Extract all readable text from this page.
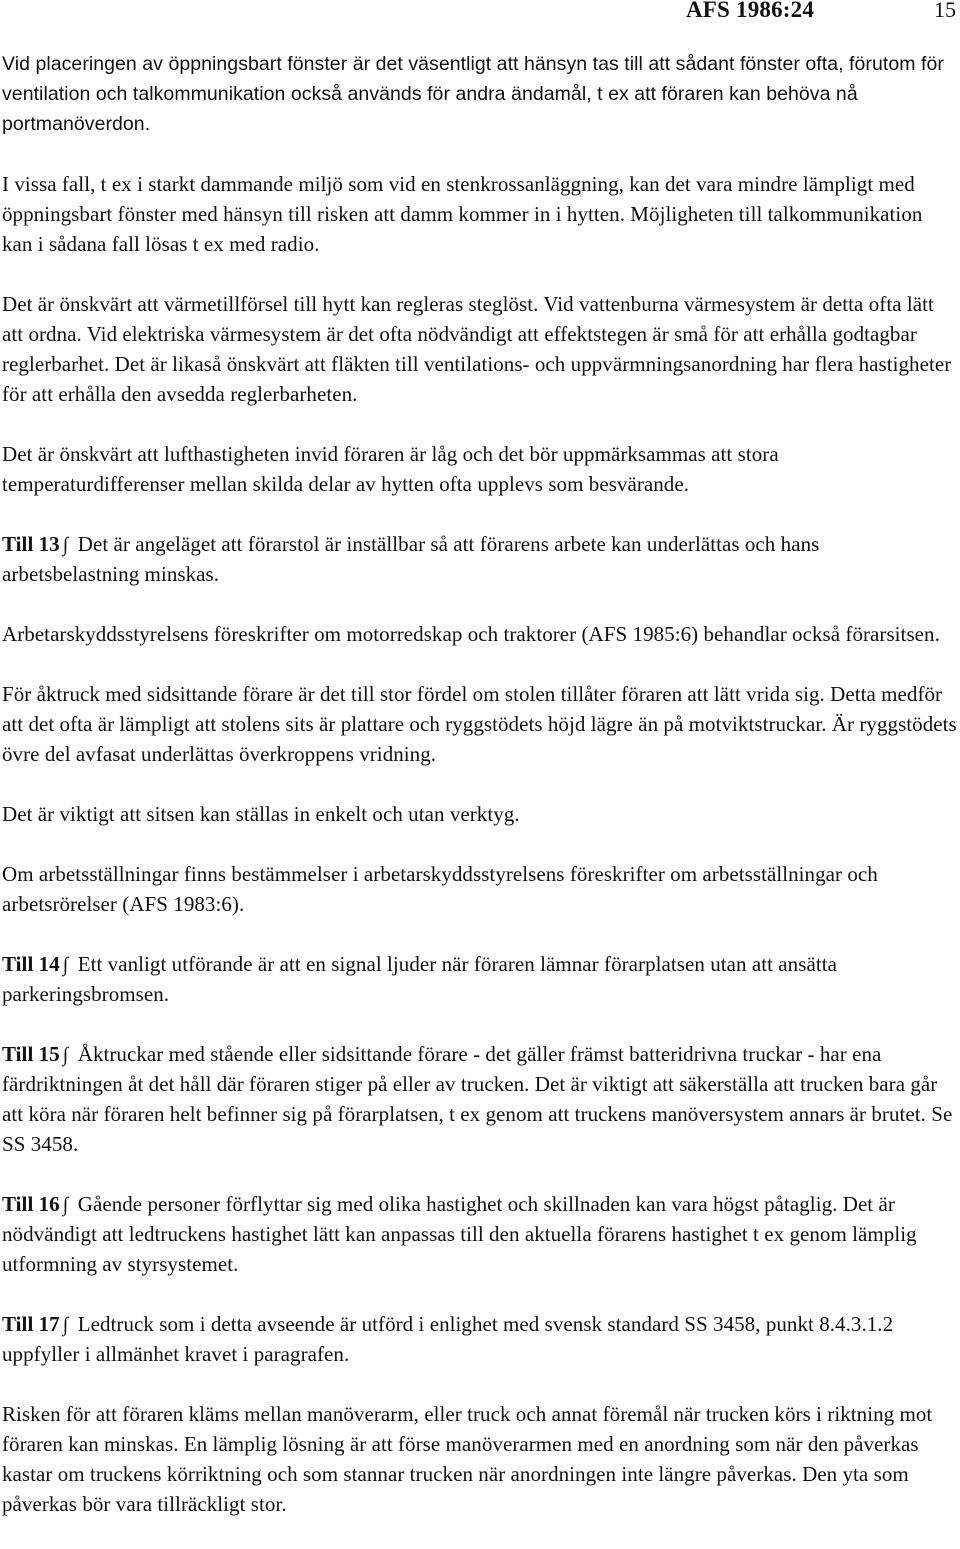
AFS 1986:24	15

Vid placeringen av öppningsbart fönster är det väsentligt att hänsyn tas till att sådant fönster ofta, förutom för ventilation och talkommunikation också används för andra ändamål, t ex att föraren kan behöva nå portmanöverdon.

I vissa fall, t ex i starkt dammande miljö som vid en stenkrossanläggning, kan det vara mindre lämpligt med öppningsbart fönster med hänsyn till risken att damm kommer in i hytten. Möjligheten till talkommunikation kan i sådana fall lösas t ex med radio.

Det är önskvärt att värmetillförsel till hytt kan regleras steglöst. Vid vattenburna värmesystem är detta ofta lätt att ordna. Vid elektriska värmesystem är det ofta nödvändigt att effektstegen är små för att erhålla godtagbar reglerbarhet. Det är likaså önskvärt att fläkten till ventilations- och uppvärmningsanordning har flera hastigheter för att erhålla den avsedda reglerbarheten.

Det är önskvärt att lufthastigheten invid föraren är låg och det bör uppmärksammas att stora temperaturdifferenser mellan skilda delar av hytten ofta upplevs som besvärande.

Till 13 ∫ Det är angeläget att förarstol är inställbar så att förarens arbete kan underlättas och hans arbetsbelastning minskas.

Arbetarskyddsstyrelsens föreskrifter om motorredskap och traktorer (AFS 1985:6) behandlar också förarsitsen.

För åktruck med sidsittande förare är det till stor fördel om stolen tillåter föraren att lätt vrida sig. Detta medför att det ofta är lämpligt att stolens sits är plattare och ryggstödets höjd lägre än på motviktstruckar. Är ryggstödets övre del avfasat underlättas överkroppens vridning.

Det är viktigt att sitsen kan ställas in enkelt och utan verktyg.

Om arbetsställningar finns bestämmelser i arbetarskyddsstyrelsens föreskrifter om arbetsställningar och arbetsrörelser (AFS 1983:6).

Till 14 ∫ Ett vanligt utförande är att en signal ljuder när föraren lämnar förarplatsen utan att ansätta parkeringsbromsen.

Till 15 ∫ Åktruckar med stående eller sidsittande förare - det gäller främst batteridrivna truckar - har ena färdriktningen åt det håll där föraren stiger på eller av trucken. Det är viktigt att säkerställa att trucken bara går att köra när föraren helt befinner sig på förarplatsen, t ex genom att truckens manöversystem annars är brutet. Se SS 3458.

Till 16 ∫ Gående personer förflyttar sig med olika hastighet och skillnaden kan vara högst påtaglig. Det är nödvändigt att ledtruckens hastighet lätt kan anpassas till den aktuella förarens hastighet t ex genom lämplig utformning av styrsystemet.

Till 17 ∫ Ledtruck som i detta avseende är utförd i enlighet med svensk standard SS 3458, punkt 8.4.3.1.2 uppfyller i allmänhet kravet i paragrafen.

Risken för att föraren kläms mellan manöverarm, eller truck och annat föremål när trucken körs i riktning mot föraren kan minskas. En lämplig lösning är att förse manöverarmen med en anordning som när den påverkas kastar om truckens körriktning och som stannar trucken när anordningen inte längre påverkas. Den yta som påverkas bör vara tillräckligt stor.
